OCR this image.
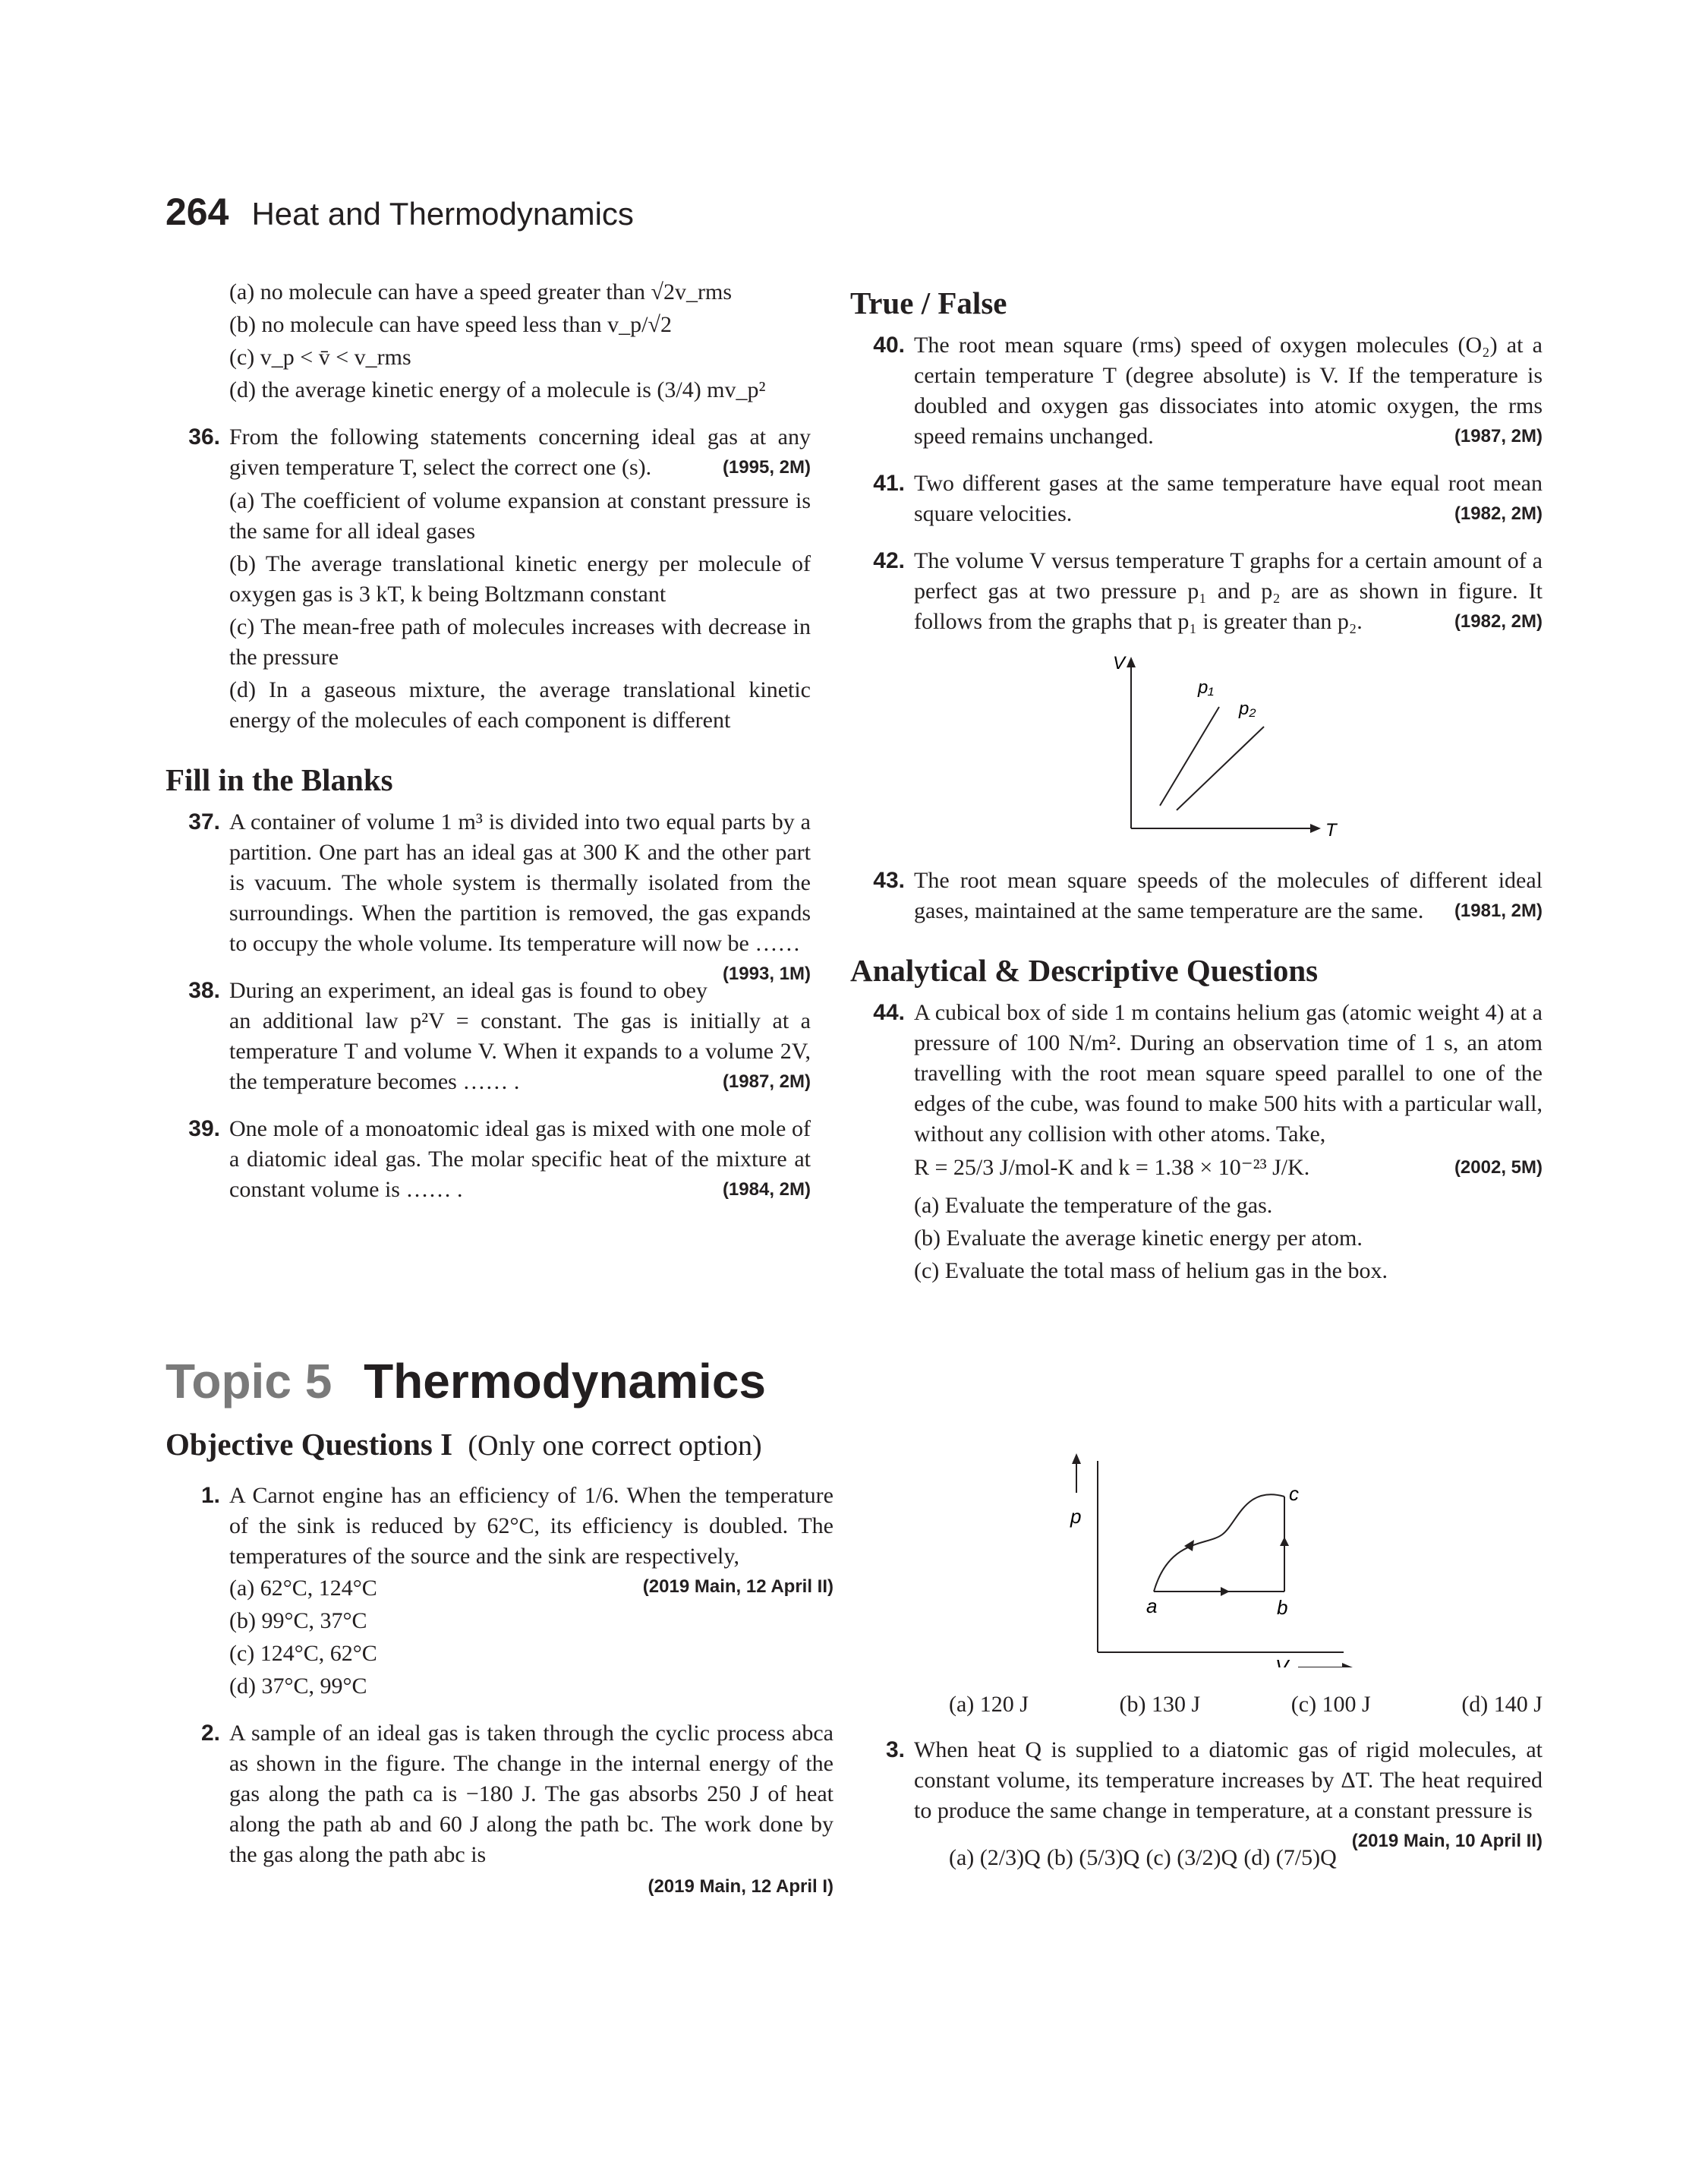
264 Heat and Thermodynamics
(a) no molecule can have a speed greater than √2v_rms
(b) no molecule can have speed less than v_p/√2
(c) v_p < v̄ < v_rms
(d) the average kinetic energy of a molecule is (3/4) mv_p²
36. From the following statements concerning ideal gas at any given temperature T, select the correct one (s).	(1995, 2M)
(a) The coefficient of volume expansion at constant pressure is the same for all ideal gases
(b) The average translational kinetic energy per molecule of oxygen gas is 3 kT, k being Boltzmann constant
(c) The mean-free path of molecules increases with decrease in the pressure
(d) In a gaseous mixture, the average translational kinetic energy of the molecules of each component is different
Fill in the Blanks
37. A container of volume 1 m³ is divided into two equal parts by a partition. One part has an ideal gas at 300 K and the other part is vacuum. The whole system is thermally isolated from the surroundings. When the partition is removed, the gas expands to occupy the whole volume. Its temperature will now be ……
(1993, 1M)
38. During an experiment, an ideal gas is found to obey an additional law p²V = constant. The gas is initially at a temperature T and volume V. When it expands to a volume 2V, the temperature becomes …… .	(1987, 2M)
39. One mole of a monoatomic ideal gas is mixed with one mole of a diatomic ideal gas. The molar specific heat of the mixture at constant volume is …… .	(1984, 2M)
True / False
40. The root mean square (rms) speed of oxygen molecules (O₂) at a certain temperature T (degree absolute) is V. If the temperature is doubled and oxygen gas dissociates into atomic oxygen, the rms speed remains unchanged.	(1987, 2M)
41. Two different gases at the same temperature have equal root mean square velocities.	(1982, 2M)
42. The volume V versus temperature T graphs for a certain amount of a perfect gas at two pressure p₁ and p₂ are as shown in figure. It follows from the graphs that p₁ is greater than p₂.	(1982, 2M)
V
T
p₁
p₂
43. The root mean square speeds of the molecules of different ideal gases, maintained at the same temperature are the same.	(1981, 2M)
Analytical & Descriptive Questions
44. A cubical box of side 1 m contains helium gas (atomic weight 4) at a pressure of 100 N/m². During an observation time of 1 s, an atom travelling with the root mean square speed parallel to one of the edges of the cube, was found to make 500 hits with a particular wall, without any collision with other atoms. Take,
R = 25/3 J/mol-K and k = 1.38 × 10⁻²³ J/K.	(2002, 5M)
(a) Evaluate the temperature of the gas.
(b) Evaluate the average kinetic energy per atom.
(c) Evaluate the total mass of helium gas in the box.
Topic 5 Thermodynamics
Objective Questions I (Only one correct option)
1. A Carnot engine has an efficiency of 1/6. When the temperature of the sink is reduced by 62°C, its efficiency is doubled. The temperatures of the source and the sink are respectively,
(2019 Main, 12 April II)
(a) 62°C, 124°C
(b) 99°C, 37°C
(c) 124°C, 62°C
(d) 37°C, 99°C
2. A sample of an ideal gas is taken through the cyclic process abca as shown in the figure. The change in the internal energy of the gas along the path ca is −180 J. The gas absorbs 250 J of heat along the path ab and 60 J along the path bc. The work done by the gas along the path abc is
(2019 Main, 12 April I)
p
V
a	b
c
(a) 120 J	(b) 130 J	(c) 100 J	(d) 140 J
3. When heat Q is supplied to a diatomic gas of rigid molecules, at constant volume, its temperature increases by ΔT. The heat required to produce the same change in temperature, at a constant pressure is
(2019 Main, 10 April II)
(a) (2/3)Q (b) (5/3)Q (c) (3/2)Q (d) (7/5)Q
